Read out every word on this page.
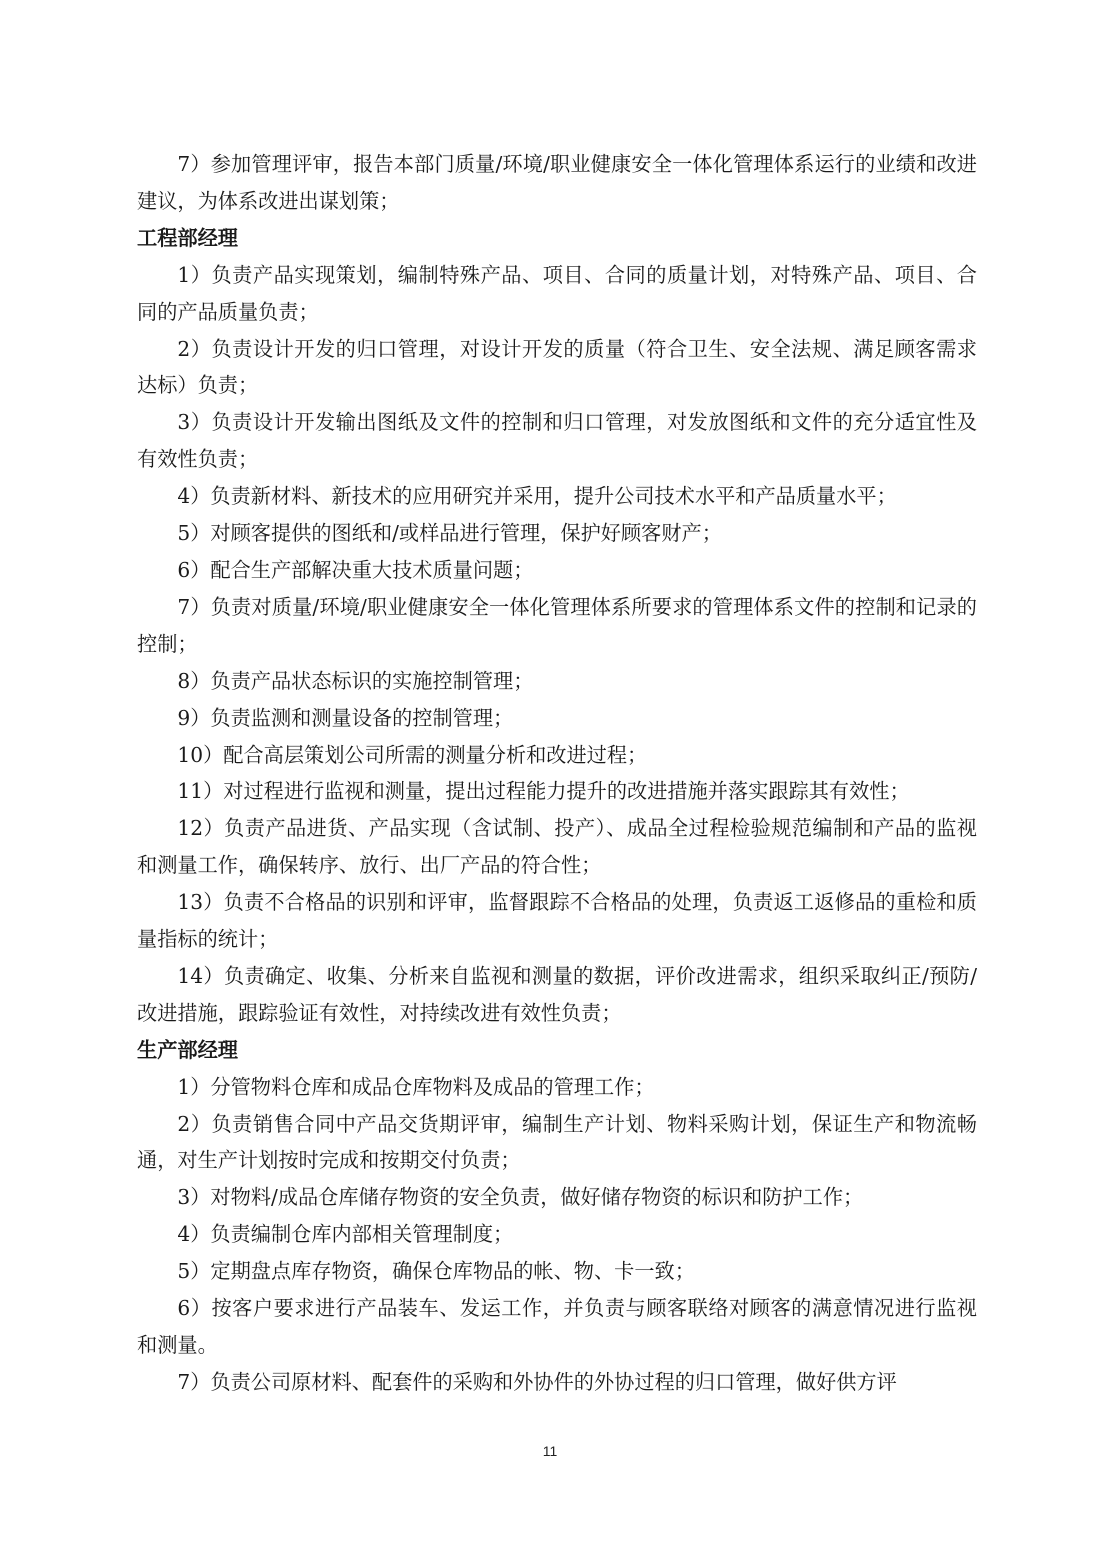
7）参加管理评审，报告本部门质量/环境/职业健康安全一体化管理体系运行的业绩和改进建议，为体系改进出谋划策；

工程部经理

1）负责产品实现策划，编制特殊产品、项目、合同的质量计划，对特殊产品、项目、合同的产品质量负责；

2）负责设计开发的归口管理，对设计开发的质量（符合卫生、安全法规、满足顾客需求达标）负责；

3）负责设计开发输出图纸及文件的控制和归口管理，对发放图纸和文件的充分适宜性及有效性负责；

4）负责新材料、新技术的应用研究并采用，提升公司技术水平和产品质量水平；

5）对顾客提供的图纸和/或样品进行管理，保护好顾客财产；

6）配合生产部解决重大技术质量问题；

7）负责对质量/环境/职业健康安全一体化管理体系所要求的管理体系文件的控制和记录的控制；

8）负责产品状态标识的实施控制管理；

9）负责监测和测量设备的控制管理；

10）配合高层策划公司所需的测量分析和改进过程；

11）对过程进行监视和测量，提出过程能力提升的改进措施并落实跟踪其有效性；

12）负责产品进货、产品实现（含试制、投产）、成品全过程检验规范编制和产品的监视和测量工作，确保转序、放行、出厂产品的符合性；

13）负责不合格品的识别和评审，监督跟踪不合格品的处理，负责返工返修品的重检和质量指标的统计；

14）负责确定、收集、分析来自监视和测量的数据，评价改进需求，组织采取纠正/预防/改进措施，跟踪验证有效性，对持续改进有效性负责；

生产部经理

1）分管物料仓库和成品仓库物料及成品的管理工作；

2）负责销售合同中产品交货期评审，编制生产计划、物料采购计划，保证生产和物流畅通，对生产计划按时完成和按期交付负责；

3）对物料/成品仓库储存物资的安全负责，做好储存物资的标识和防护工作；

4）负责编制仓库内部相关管理制度；

5）定期盘点库存物资，确保仓库物品的帐、物、卡一致；

6）按客户要求进行产品装车、发运工作，并负责与顾客联络对顾客的满意情况进行监视和测量。

7）负责公司原材料、配套件的采购和外协件的外协过程的归口管理，做好供方评

11
